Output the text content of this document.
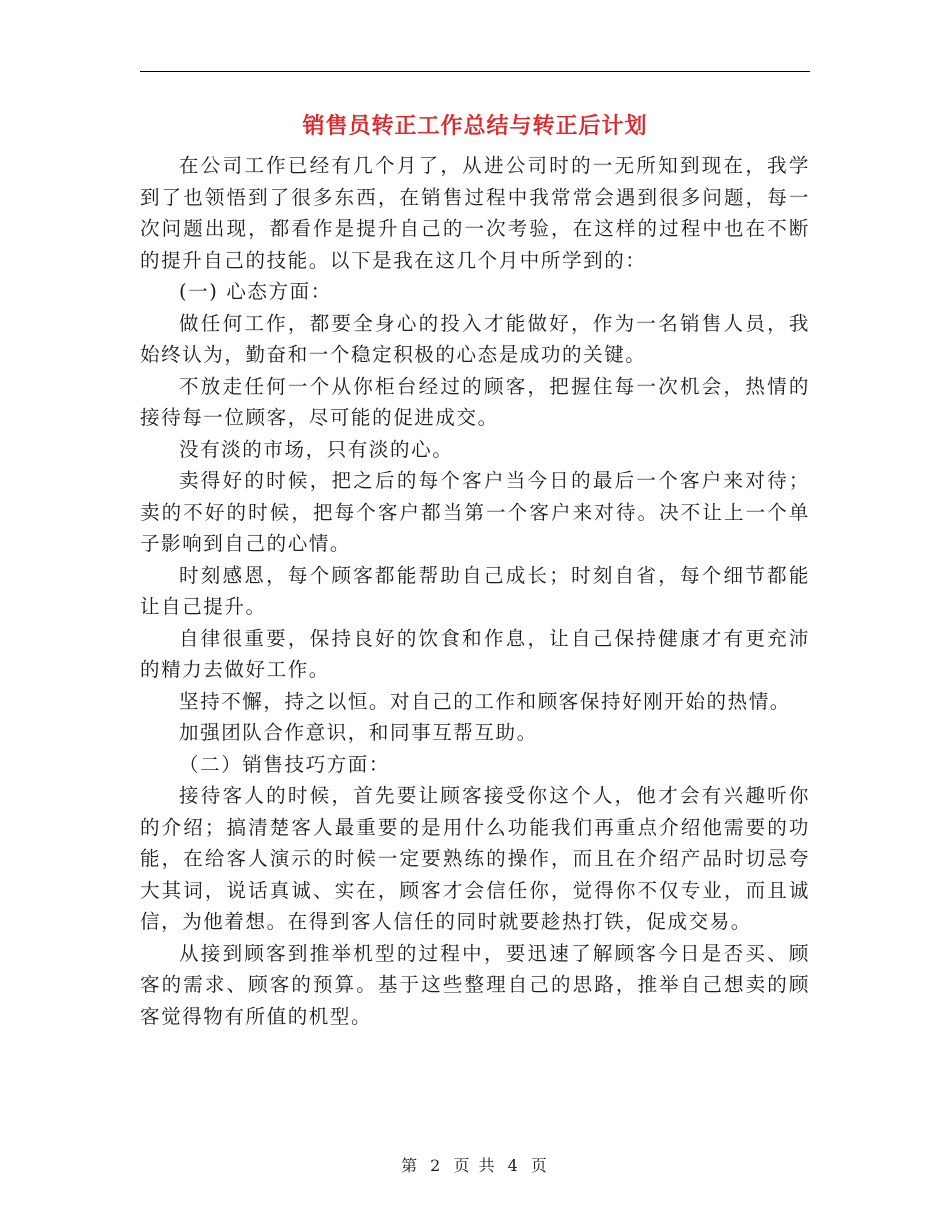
销售员转正工作总结与转正后计划

在公司工作已经有几个月了，从进公司时的一无所知到现在，我学到了也领悟到了很多东西，在销售过程中我常常会遇到很多问题，每一次问题出现，都看作是提升自己的一次考验，在这样的过程中也在不断的提升自己的技能。以下是我在这几个月中所学到的：

(一) 心态方面：

做任何工作，都要全身心的投入才能做好，作为一名销售人员，我始终认为，勤奋和一个稳定积极的心态是成功的关键。

不放走任何一个从你柜台经过的顾客，把握住每一次机会，热情的接待每一位顾客，尽可能的促进成交。

没有淡的市场，只有淡的心。

卖得好的时候，把之后的每个客户当今日的最后一个客户来对待；卖的不好的时候，把每个客户都当第一个客户来对待。决不让上一个单子影响到自己的心情。

时刻感恩，每个顾客都能帮助自己成长；时刻自省，每个细节都能让自己提升。

自律很重要，保持良好的饮食和作息，让自己保持健康才有更充沛的精力去做好工作。

坚持不懈，持之以恒。对自己的工作和顾客保持好刚开始的热情。

加强团队合作意识，和同事互帮互助。

（二）销售技巧方面：

接待客人的时候，首先要让顾客接受你这个人，他才会有兴趣听你的介绍；搞清楚客人最重要的是用什么功能我们再重点介绍他需要的功能，在给客人演示的时候一定要熟练的操作，而且在介绍产品时切忌夸大其词，说话真诚、实在，顾客才会信任你，觉得你不仅专业，而且诚信，为他着想。在得到客人信任的同时就要趁热打铁，促成交易。

从接到顾客到推举机型的过程中，要迅速了解顾客今日是否买、顾客的需求、顾客的预算。基于这些整理自己的思路，推举自己想卖的顾客觉得物有所值的机型。

第 2 页 共 4 页
